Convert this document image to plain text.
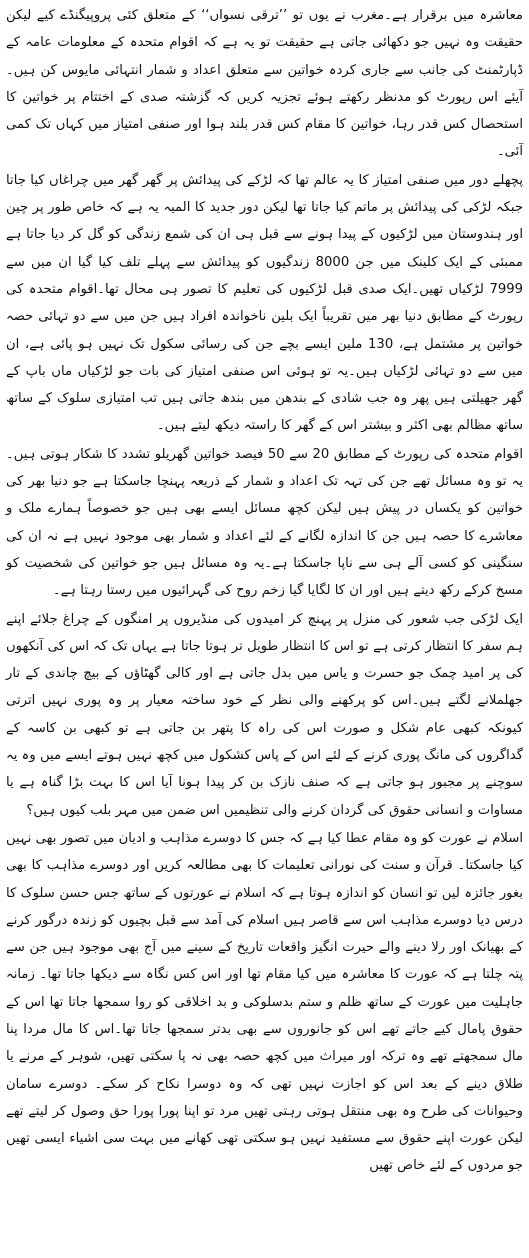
معاشرہ میں برقرار ہے۔مغرب نے یوں تو ’’ترقی نسواں‘‘ کے متعلق کئی پروپیگنڈے کیے لیکن حقیقت وہ نہیں جو دکھائی جاتی ہے حقیقت تو یہ ہے کہ اقوام متحدہ کے معلومات عامہ کے ڈپارٹمنٹ کی جانب سے جاری کردہ خواتین سے متعلق اعداد و شمار انتہائی مایوس کن ہیں۔آیئے اس رپورٹ کو مدنظر رکھتے ہوئے تجزیہ کریں کہ گزشتہ صدی کے اختتام پر خواتین کا استحصال کس قدر رہا، خواتین کا مقام کس قدر بلند ہوا اور صنفی امتیاز میں کہاں تک کمی آئی۔

پچھلے دور میں صنفی امتیاز کا یہ عالم تھا کہ لڑکے کی پیدائش پر گھر گھر میں چراغاں کیا جاتا جبکہ لڑکی کی پیدائش پر ماتم کیا جاتا تھا لیکن دور جدید کا المیہ یہ ہے کہ خاص طور پر چین اور ہندوستان میں لڑکیوں کے پیدا ہونے سے قبل ہی ان کی شمع زندگی کو گل کر دیا جاتا ہے ممبئی کے ایک کلینک میں جن 8000 زندگیوں کو پیدائش سے پہلے تلف کیا گیا ان میں سے 7999 لڑکیاں تھیں۔ایک صدی قبل لڑکیوں کی تعلیم کا تصور ہی محال تھا۔اقوام متحدہ کی رپورٹ کے مطابق دنیا بھر میں تقریباً ایک بلین ناخواندہ افراد ہیں جن میں سے دو تہائی حصہ خواتین پر مشتمل ہے، 130 ملین ایسے بچے جن کی رسائی سکول تک نہیں ہو پائی ہے، ان میں سے دو تہائی لڑکیاں ہیں۔یہ تو ہوئی اس صنفی امتیاز کی بات جو لڑکیاں ماں باپ کے گھر جھیلتی ہیں پھر وہ جب شادی کے بندھن میں بندھ جاتی ہیں تب امتیازی سلوک کے ساتھ ساتھ مظالم بھی اکثر و بیشتر اس کے گھر کا راستہ دیکھ لیتے ہیں۔

اقوام متحدہ کی رپورٹ کے مطابق 20 سے 50 فیصد خواتین گھریلو تشدد کا شکار ہوتی ہیں۔یہ تو وہ مسائل تھے جن کی تہہ تک اعداد و شمار کے ذریعہ پہنچا جاسکتا ہے جو دنیا بھر کی خواتین کو یکساں در پیش ہیں لیکن کچھ مسائل ایسے بھی ہیں جو خصوصاً ہمارے ملک و معاشرے کا حصہ ہیں جن کا اندازہ لگانے کے لئے اعداد و شمار بھی موجود نہیں ہے نہ ان کی سنگینی کو کسی آلے ہی سے ناپا جاسکتا ہے۔یہ وہ مسائل ہیں جو خواتین کی شخصیت کو مسخ کرکے رکھ دیتے ہیں اور ان کا لگایا گیا زخم روح کی گہرائیوں میں رستا رہتا ہے۔

ایک لڑکی جب شعور کی منزل پر پہنچ کر امیدوں کی منڈیروں پر امنگوں کے چراغ جلائے اپنے ہم سفر کا انتظار کرتی ہے تو اس کا انتظار طویل تر ہوتا جاتا ہے یہاں تک کہ اس کی آنکھوں کی پر امید چمک جو حسرت و یاس میں بدل جاتی ہے اور کالی گھٹاؤں کے بیچ چاندی کے تار جھلملانے لگتے ہیں۔اس کو پرکھنے والی نظر کے خود ساختہ معیار پر وہ پوری نہیں اترتی کیونکہ کبھی عام شکل و صورت اس کی راہ کا پتھر بن جاتی ہے تو کبھی بن کاسہ کے گداگروں کی مانگ پوری کرنے کے لئے اس کے پاس کشکول میں کچھ نہیں ہوتے ایسے میں وہ یہ سوچنے پر مجبور ہو جاتی ہے کہ صنف نازک بن کر پیدا ہونا آیا اس کا بہت بڑا گناہ ہے یا مساوات و انسانی حقوق کی گردان کرنے والی تنظیمیں اس ضمن میں مہر بلب کیوں ہیں؟

اسلام نے عورت کو وہ مقام عطا کیا ہے کہ جس کا دوسرے مذاہب و ادیان میں تصور بھی نہیں کیا جاسکتا۔ قرآن و سنت کی نورانی تعلیمات کا بھی مطالعہ کریں اور دوسرے مذاہب کا بھی بغور جائزہ لیں تو انسان کو اندازہ ہوتا ہے کہ اسلام نے عورتوں کے ساتھ جس حسن سلوک کا درس دیا دوسرے مذاہب اس سے قاصر ہیں اسلام کی آمد سے قبل بچیوں کو زندہ درگور کرنے کے بھیانک اور رلا دینے والے حیرت انگیز واقعات تاریخ کے سینے میں آج بھی موجود ہیں جن سے پتہ چلتا ہے کہ عورت کا معاشرہ میں کیا مقام تھا اور اس کس نگاہ سے دیکھا جاتا تھا۔ زمانہ جاہلیت میں عورت کے ساتھ ظلم و ستم بدسلوکی و بد اخلاقی کو روا سمجھا جاتا تھا اس کے حقوق پامال کیے جاتے تھے اس کو جانوروں سے بھی بدتر سمجھا جاتا تھا۔اس کا مال مردا پنا مال سمجھتے تھے وہ ترکہ اور میراث میں کچھ حصہ بھی نہ پا سکتی تھیں، شوہر کے مرنے یا طلاق دینے کے بعد اس کو اجازت نہیں تھی کہ وہ دوسرا نکاح کر سکے۔ دوسرے سامان وحیوانات کی طرح وہ بھی منتقل ہوتی رہتی تھیں مرد تو اپنا پورا پورا حق وصول کر لیتے تھے لیکن عورت اپنے حقوق سے مستفید نہیں ہو سکتی تھی کھانے میں بہت سی اشیاء ایسی تھیں جو مردوں کے لئے خاص تھیں
